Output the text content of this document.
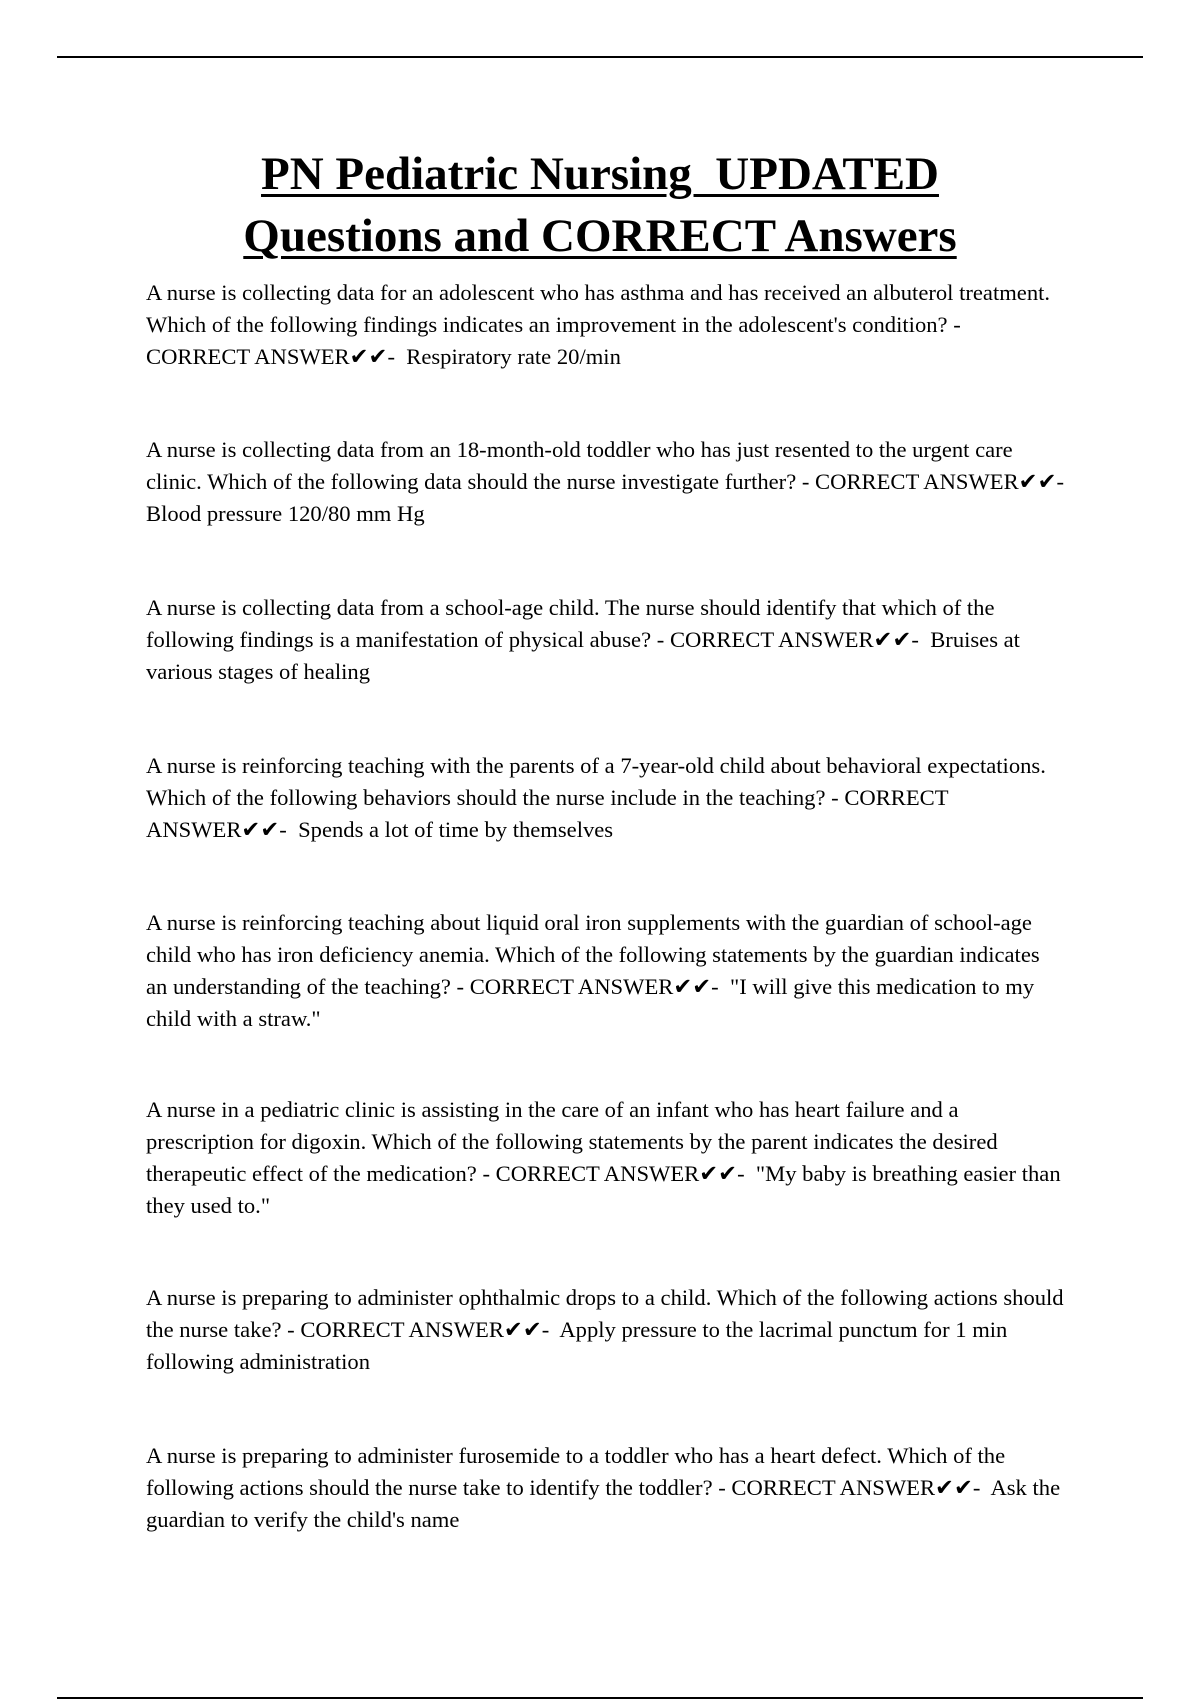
PN Pediatric Nursing  UPDATED
Questions and CORRECT Answers

A nurse is collecting data for an adolescent who has asthma and has received an albuterol treatment. Which of the following findings indicates an improvement in the adolescent's condition? - CORRECT ANSWER✔✔-  Respiratory rate 20/min

A nurse is collecting data from an 18-month-old toddler who has just resented to the urgent care clinic. Which of the following data should the nurse investigate further? - CORRECT ANSWER✔✔-  Blood pressure 120/80 mm Hg

A nurse is collecting data from a school-age child. The nurse should identify that which of the following findings is a manifestation of physical abuse? - CORRECT ANSWER✔✔-  Bruises at various stages of healing

A nurse is reinforcing teaching with the parents of a 7-year-old child about behavioral expectations. Which of the following behaviors should the nurse include in the teaching? - CORRECT ANSWER✔✔-  Spends a lot of time by themselves

A nurse is reinforcing teaching about liquid oral iron supplements with the guardian of school-age child who has iron deficiency anemia. Which of the following statements by the guardian indicates an understanding of the teaching? - CORRECT ANSWER✔✔-  "I will give this medication to my child with a straw."

A nurse in a pediatric clinic is assisting in the care of an infant who has heart failure and a prescription for digoxin. Which of the following statements by the parent indicates the desired therapeutic effect of the medication? - CORRECT ANSWER✔✔-  "My baby is breathing easier than they used to."

A nurse is preparing to administer ophthalmic drops to a child. Which of the following actions should the nurse take? - CORRECT ANSWER✔✔-  Apply pressure to the lacrimal punctum for 1 min following administration

A nurse is preparing to administer furosemide to a toddler who has a heart defect. Which of the following actions should the nurse take to identify the toddler? - CORRECT ANSWER✔✔-  Ask the guardian to verify the child's name
